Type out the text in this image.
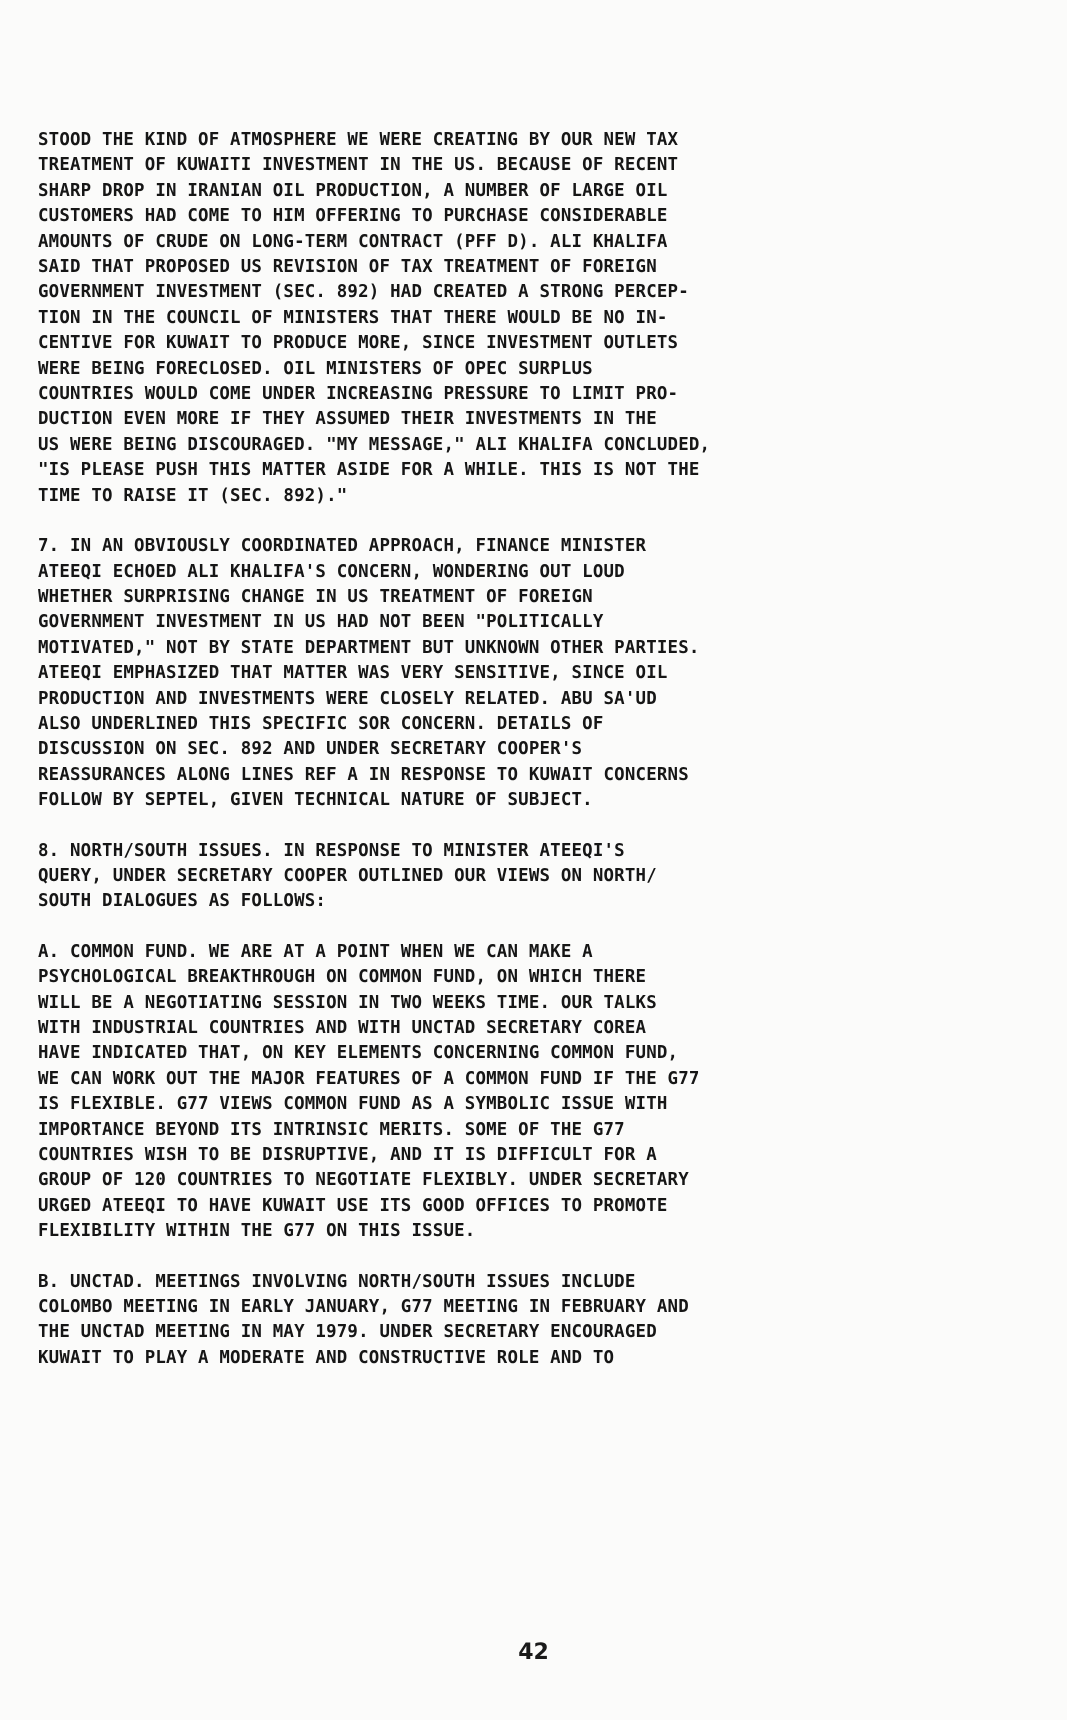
STOOD THE KIND OF ATMOSPHERE WE WERE CREATING BY OUR NEW TAX
TREATMENT OF KUWAITI INVESTMENT IN THE US. BECAUSE OF RECENT
SHARP DROP IN IRANIAN OIL PRODUCTION, A NUMBER OF LARGE OIL
CUSTOMERS HAD COME TO HIM OFFERING TO PURCHASE CONSIDERABLE
AMOUNTS OF CRUDE ON LONG-TERM CONTRACT (PFF D). ALI KHALIFA
SAID THAT PROPOSED US REVISION OF TAX TREATMENT OF FOREIGN
GOVERNMENT INVESTMENT (SEC. 892) HAD CREATED A STRONG PERCEP-
TION IN THE COUNCIL OF MINISTERS THAT THERE WOULD BE NO IN-
CENTIVE FOR KUWAIT TO PRODUCE MORE, SINCE INVESTMENT OUTLETS
WERE BEING FORECLOSED. OIL MINISTERS OF OPEC SURPLUS
COUNTRIES WOULD COME UNDER INCREASING PRESSURE TO LIMIT PRO-
DUCTION EVEN MORE IF THEY ASSUMED THEIR INVESTMENTS IN THE
US WERE BEING DISCOURAGED. "MY MESSAGE," ALI KHALIFA CONCLUDED,
"IS PLEASE PUSH THIS MATTER ASIDE FOR A WHILE. THIS IS NOT THE
TIME TO RAISE IT (SEC. 892)."
7. IN AN OBVIOUSLY COORDINATED APPROACH, FINANCE MINISTER
ATEEQI ECHOED ALI KHALIFA'S CONCERN, WONDERING OUT LOUD
WHETHER SURPRISING CHANGE IN US TREATMENT OF FOREIGN
GOVERNMENT INVESTMENT IN US HAD NOT BEEN "POLITICALLY
MOTIVATED," NOT BY STATE DEPARTMENT BUT UNKNOWN OTHER PARTIES.
ATEEQI EMPHASIZED THAT MATTER WAS VERY SENSITIVE, SINCE OIL
PRODUCTION AND INVESTMENTS WERE CLOSELY RELATED. ABU SA'UD
ALSO UNDERLINED THIS SPECIFIC SOR CONCERN. DETAILS OF
DISCUSSION ON SEC. 892 AND UNDER SECRETARY COOPER'S
REASSURANCES ALONG LINES REF A IN RESPONSE TO KUWAIT CONCERNS
FOLLOW BY SEPTEL, GIVEN TECHNICAL NATURE OF SUBJECT.
8. NORTH/SOUTH ISSUES. IN RESPONSE TO MINISTER ATEEQI'S
QUERY, UNDER SECRETARY COOPER OUTLINED OUR VIEWS ON NORTH/
SOUTH DIALOGUES AS FOLLOWS:
A. COMMON FUND. WE ARE AT A POINT WHEN WE CAN MAKE A
PSYCHOLOGICAL BREAKTHROUGH ON COMMON FUND, ON WHICH THERE
WILL BE A NEGOTIATING SESSION IN TWO WEEKS TIME. OUR TALKS
WITH INDUSTRIAL COUNTRIES AND WITH UNCTAD SECRETARY COREA
HAVE INDICATED THAT, ON KEY ELEMENTS CONCERNING COMMON FUND,
WE CAN WORK OUT THE MAJOR FEATURES OF A COMMON FUND IF THE G77
IS FLEXIBLE. G77 VIEWS COMMON FUND AS A SYMBOLIC ISSUE WITH
IMPORTANCE BEYOND ITS INTRINSIC MERITS. SOME OF THE G77
COUNTRIES WISH TO BE DISRUPTIVE, AND IT IS DIFFICULT FOR A
GROUP OF 120 COUNTRIES TO NEGOTIATE FLEXIBLY. UNDER SECRETARY
URGED ATEEQI TO HAVE KUWAIT USE ITS GOOD OFFICES TO PROMOTE
FLEXIBILITY WITHIN THE G77 ON THIS ISSUE.
B. UNCTAD. MEETINGS INVOLVING NORTH/SOUTH ISSUES INCLUDE
COLOMBO MEETING IN EARLY JANUARY, G77 MEETING IN FEBRUARY AND
THE UNCTAD MEETING IN MAY 1979. UNDER SECRETARY ENCOURAGED
KUWAIT TO PLAY A MODERATE AND CONSTRUCTIVE ROLE AND TO
42
